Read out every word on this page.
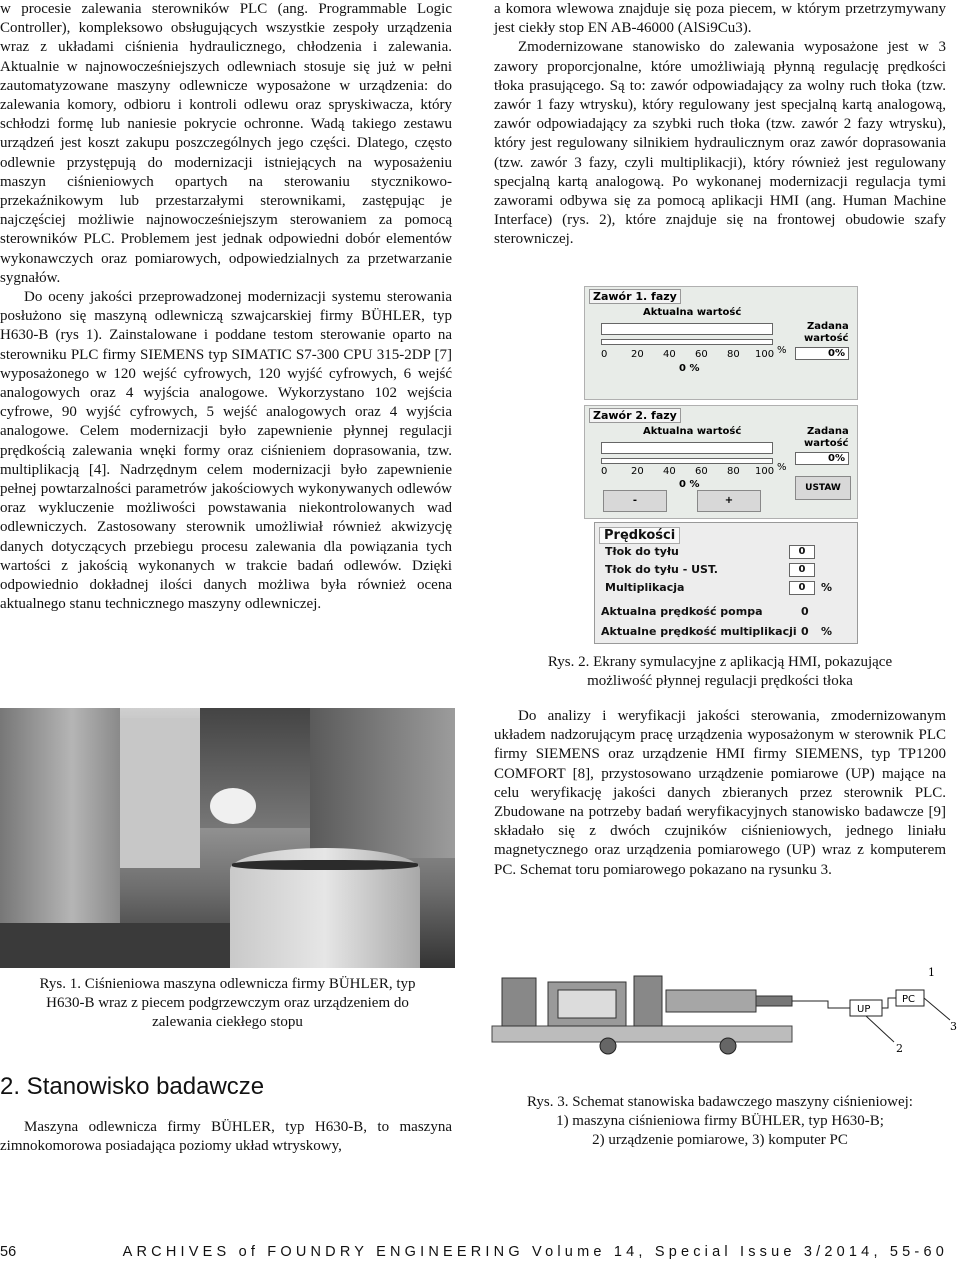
w procesie zalewania sterowników PLC (ang. Programmable Logic Controller), kompleksowo obsługujących wszystkie zespoły urządzenia wraz z układami ciśnienia hydraulicznego, chłodzenia i zalewania. Aktualnie w najnowocześniejszych odlewniach stosuje się już w pełni zautomatyzowane maszyny odlewnicze wyposażone w urządzenia: do zalewania komory, odbioru i kontroli odlewu oraz spryskiwacza, który schłodzi formę lub naniesie pokrycie ochronne. Wadą takiego zestawu urządzeń jest koszt zakupu poszczególnych jego części. Dlatego, często odlewnie przystępują do modernizacji istniejących na wyposażeniu maszyn ciśnieniowych opartych na sterowaniu stycznikowo-przekaźnikowym lub przestarzałymi sterownikami, zastępując je najczęściej możliwie najnowocześniejszym sterowaniem za pomocą sterowników PLC. Problemem jest jednak odpowiedni dobór elementów wykonawczych oraz pomiarowych, odpowiedzialnych za przetwarzanie sygnałów.

Do oceny jakości przeprowadzonej modernizacji systemu sterowania posłużono się maszyną odlewniczą szwajcarskiej firmy BÜHLER, typ H630-B (rys 1). Zainstalowane i poddane testom sterowanie oparto na sterowniku PLC firmy SIEMENS typ SIMATIC S7-300 CPU 315-2DP [7] wyposażonego w 120 wejść cyfrowych, 120 wyjść cyfrowych, 6 wejść analogowych oraz 4 wyjścia analogowe. Wykorzystano 102 wejścia cyfrowe, 90 wyjść cyfrowych, 5 wejść analogowych oraz 4 wyjścia analogowe. Celem modernizacji było zapewnienie płynnej regulacji prędkością zalewania wnęki formy oraz ciśnieniem doprasowania, tzw. multiplikacją [4]. Nadrzędnym celem modernizacji było zapewnienie pełnej powtarzalności parametrów jakościowych wykonywanych odlewów oraz wykluczenie możliwości powstawania niekontrolowanych wad odlewniczych. Zastosowany sterownik umożliwiał również akwizycję danych dotyczących przebiegu procesu zalewania dla powiązania tych wartości z jakością wykonanych w trakcie badań odlewów. Dzięki odpowiednio dokładnej ilości danych możliwa była również ocena aktualnego stanu technicznego maszyny odlewniczej.

a komora wlewowa znajduje się poza piecem, w którym przetrzymywany jest ciekły stop EN AB-46000 (AlSi9Cu3).

Zmodernizowane stanowisko do zalewania wyposażone jest w 3 zawory proporcjonalne, które umożliwiają płynną regulację prędkości tłoka prasującego. Są to: zawór odpowiadający za wolny ruch tłoka (tzw. zawór 1 fazy wtrysku), który regulowany jest specjalną kartą analogową, zawór odpowiadający za szybki ruch tłoka (tzw. zawór 2 fazy wtrysku), który jest regulowany silnikiem hydraulicznym oraz zawór doprasowania (tzw. zawór 3 fazy, czyli multiplikacji), który również jest regulowany specjalną kartą analogową. Po wykonanej modernizacji regulacja tymi zaworami odbywa się za pomocą aplikacji HMI (ang. Human Machine Interface) (rys. 2), które znajduje się na frontowej obudowie szafy sterowniczej.

Zawór 1. fazy
Aktualna wartość
0 20 40 60 80 100 %
0 %
Zadana
wartość
0%
Zawór 2. fazy
Aktualna wartość
0 20 40 60 80 100 %
0 %
-	+
Zadana
wartość
0%
USTAW
Prędkości
Tłok do tyłu	0
Tłok do tyłu - UST.	0
Multiplikacja	0	%
Aktualna prędkość pompa	0
Aktualne prędkość multiplikacji 0 %
Rys. 2. Ekrany symulacyjne z aplikacją HMI, pokazujące
możliwość płynnej regulacji prędkości tłoka

Do analizy i weryfikacji jakości sterowania, zmodernizowanym układem nadzorującym pracę urządzenia wyposażonym w sterownik PLC firmy SIEMENS oraz urządzenie HMI firmy SIEMENS, typ TP1200 COMFORT [8], przystosowano urządzenie pomiarowe (UP) mające na celu weryfikację jakości danych zbieranych przez sterownik PLC. Zbudowane na potrzeby badań weryfikacyjnych stanowisko badawcze [9] składało się z dwóch czujników ciśnieniowych, jednego liniału magnetycznego oraz urządzenia pomiarowego (UP) wraz z komputerem PC. Schemat toru pomiarowego pokazano na rysunku 3.

Rys. 1. Ciśnieniowa maszyna odlewnicza firmy BÜHLER, typ
H630-B wraz z piecem podgrzewczym oraz urządzeniem do
zalewania ciekłego stopu
UP
PC
1
2
3
Rys. 3. Schemat stanowiska badawczego maszyny ciśnieniowej:
1) maszyna ciśnieniowa firmy BÜHLER, typ H630-B;
2) urządzenie pomiarowe, 3) komputer PC
2. Stanowisko badawcze

Maszyna odlewnicza firmy BÜHLER, typ H630-B, to maszyna zimnokomorowa posiadająca poziomy układ wtryskowy,

56	ARCHIVES of FOUNDRY ENGINEERING Volume 14, Special Issue 3/2014, 55-60
